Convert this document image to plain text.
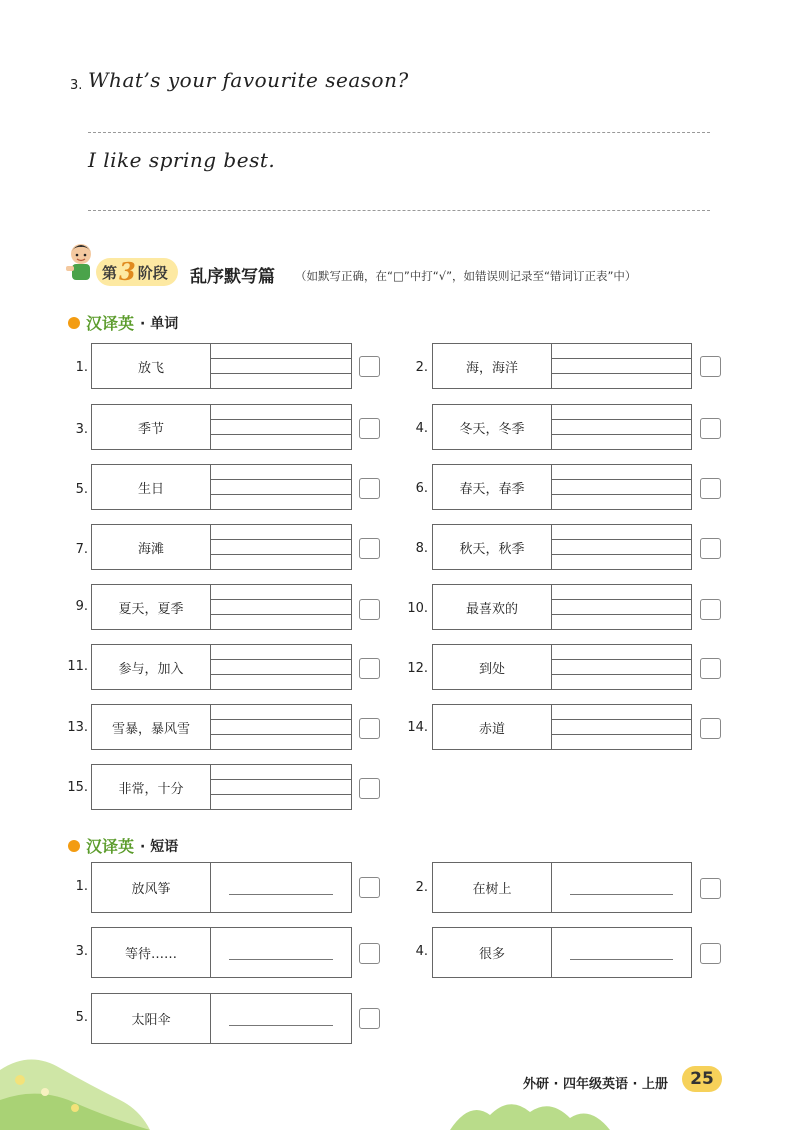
3. What’s your favourite season?
I like spring best.
第 3 阶段 乱序默写篇 （如默写正确，在“□”中打“√”，如错误则记录至“错词订正表”中）
汉译英 · 单词
1.	放飞
3.	季节
5.	生日
7.	海滩
9.	夏天，夏季
11.	参与，加入
13.	雪暴，暴风雪
15.	非常，十分
2.	海，海洋
4.	冬天，冬季
6.	春天，春季
8.	秋天，秋季
10.	最喜欢的
12.	到处
14.	赤道
汉译英 · 短语
1.	放风筝	2.	在树上
3.	等待……	4.	很多
5.	太阳伞
外研 · 四年级英语 · 上册	25
